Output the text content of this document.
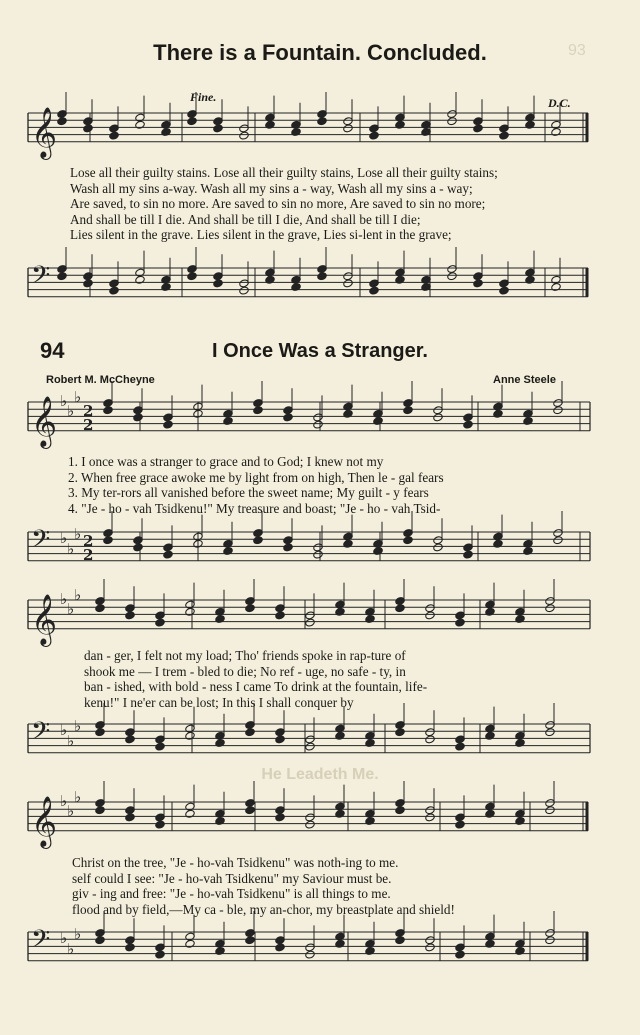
There is a Fountain. Concluded.
Fine.	D.C.
93
𝄞
Lose all their guilty stains. Lose all their guilty stains, Lose all their guilty stains;
Wash all my sins a-way. Wash all my sins a - way, Wash all my sins a - way;
Are saved, to sin no more. Are saved to sin no more, Are saved to sin no more;
And shall be till I die. And shall be till I die, And shall be till I die;
Lies silent in the grave. Lies silent in the grave, Lies si-lent in the grave;
𝄢
94	I Once Was a Stranger.
Robert M. McCheyne	Anne Steele
𝄞 ♭
♭
♭
2
2
1. I once was a stranger to grace and to God; I knew not my
2. When free grace awoke me by light from on high, Then le - gal fears
3. My ter-rors all vanished before the sweet name; My guilt - y fears
4. "Je - ho - vah Tsidkenu!" My treasure and boast; "Je - ho - vah Tsid-
𝄢 ♭
♭
♭ 2
2
𝄞 ♭
♭
♭
dan - ger, I felt not my load; Tho' friends spoke in rap-ture of
shook me — I trem - bled to die; No ref - uge, no safe - ty, in
ban - ished, with bold - ness I came To drink at the fountain, life-
kenu!" I ne'er can be lost; In this I shall conquer by
𝄢 ♭
♭
♭
He Leadeth Me.
𝄞 ♭
♭
♭
Christ on the tree, "Je - ho-vah Tsidkenu" was noth-ing to me.
self could I see: "Je - ho-vah Tsidkenu" my Saviour must be.
giv - ing and free: "Je - ho-vah Tsidkenu" is all things to me.
flood and by field,—My ca - ble, my an-chor, my breastplate and shield!
𝄢 ♭
♭
♭
